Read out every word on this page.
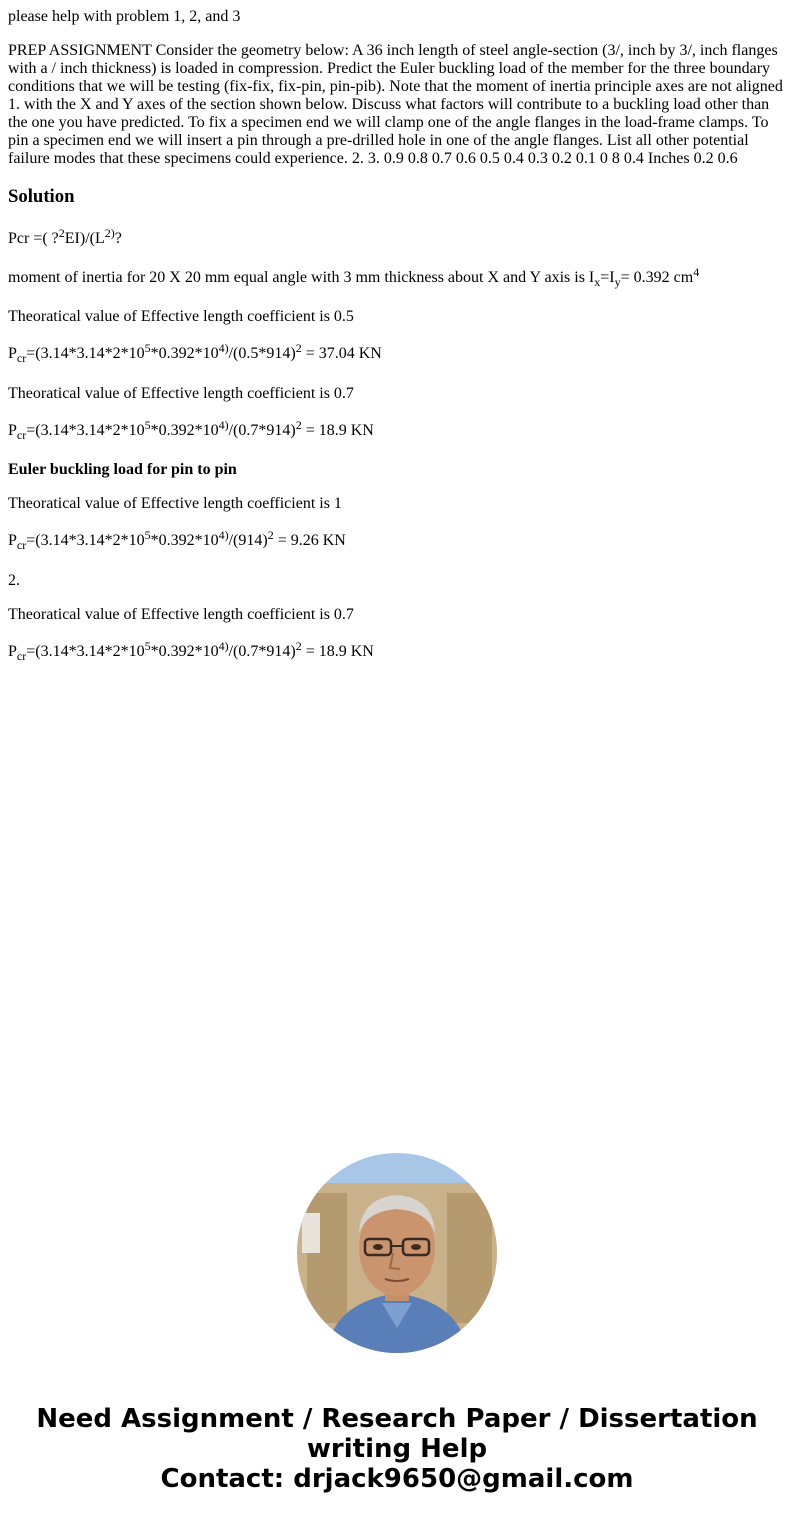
please help with problem 1, 2, and 3

PREP ASSIGNMENT Consider the geometry below: A 36 inch length of steel angle-section (3/, inch by 3/, inch flanges with a / inch thickness) is loaded in compression. Predict the Euler buckling load of the member for the three boundary conditions that we will be testing (fix-fix, fix-pin, pin-pib). Note that the moment of inertia principle axes are not aligned 1. with the X and Y axes of the section shown below. Discuss what factors will contribute to a buckling load other than the one you have predicted. To fix a specimen end we will clamp one of the angle flanges in the load-frame clamps. To pin a specimen end we will insert a pin through a pre-drilled hole in one of the angle flanges. List all other potential failure modes that these specimens could experience. 2. 3. 0.9 0.8 0.7 0.6 0.5 0.4 0.3 0.2 0.1 0 8 0.4 Inches 0.2 0.6

Solution
Pcr =( $?^2EI)/(L^{2)}$?
moment of inertia for 20 X 20 mm equal angle with 3 mm thickness about X and Y axis is $I_x=I_y= 0.392$ $cm^4$
Theoratical value of Effective length coefficient is 0.5
$P_{cr}=(3.14*3.14*2*10^5*0.392*10^{4)}/(0.5*914)^2 = 37.04$ KN
Theoratical value of Effective length coefficient is 0.7
$P_{cr}=(3.14*3.14*2*10^5*0.392*10^{4)}/(0.7*914)^2 = 18.9$ KN
Euler buckling load for pin to pin
Theoratical value of Effective length coefficient is 1
$P_{cr}=(3.14*3.14*2*10^5*0.392*10^{4)}/(914)^2 = 9.26$ KN
2.
Theoratical value of Effective length coefficient is 0.7
$P_{cr}=(3.14*3.14*2*10^5*0.392*10^{4)}/(0.7*914)^2 = 18.9$ KN
Need Assignment / Research Paper / Dissertation
writing Help
Contact: drjack9650@gmail.com
